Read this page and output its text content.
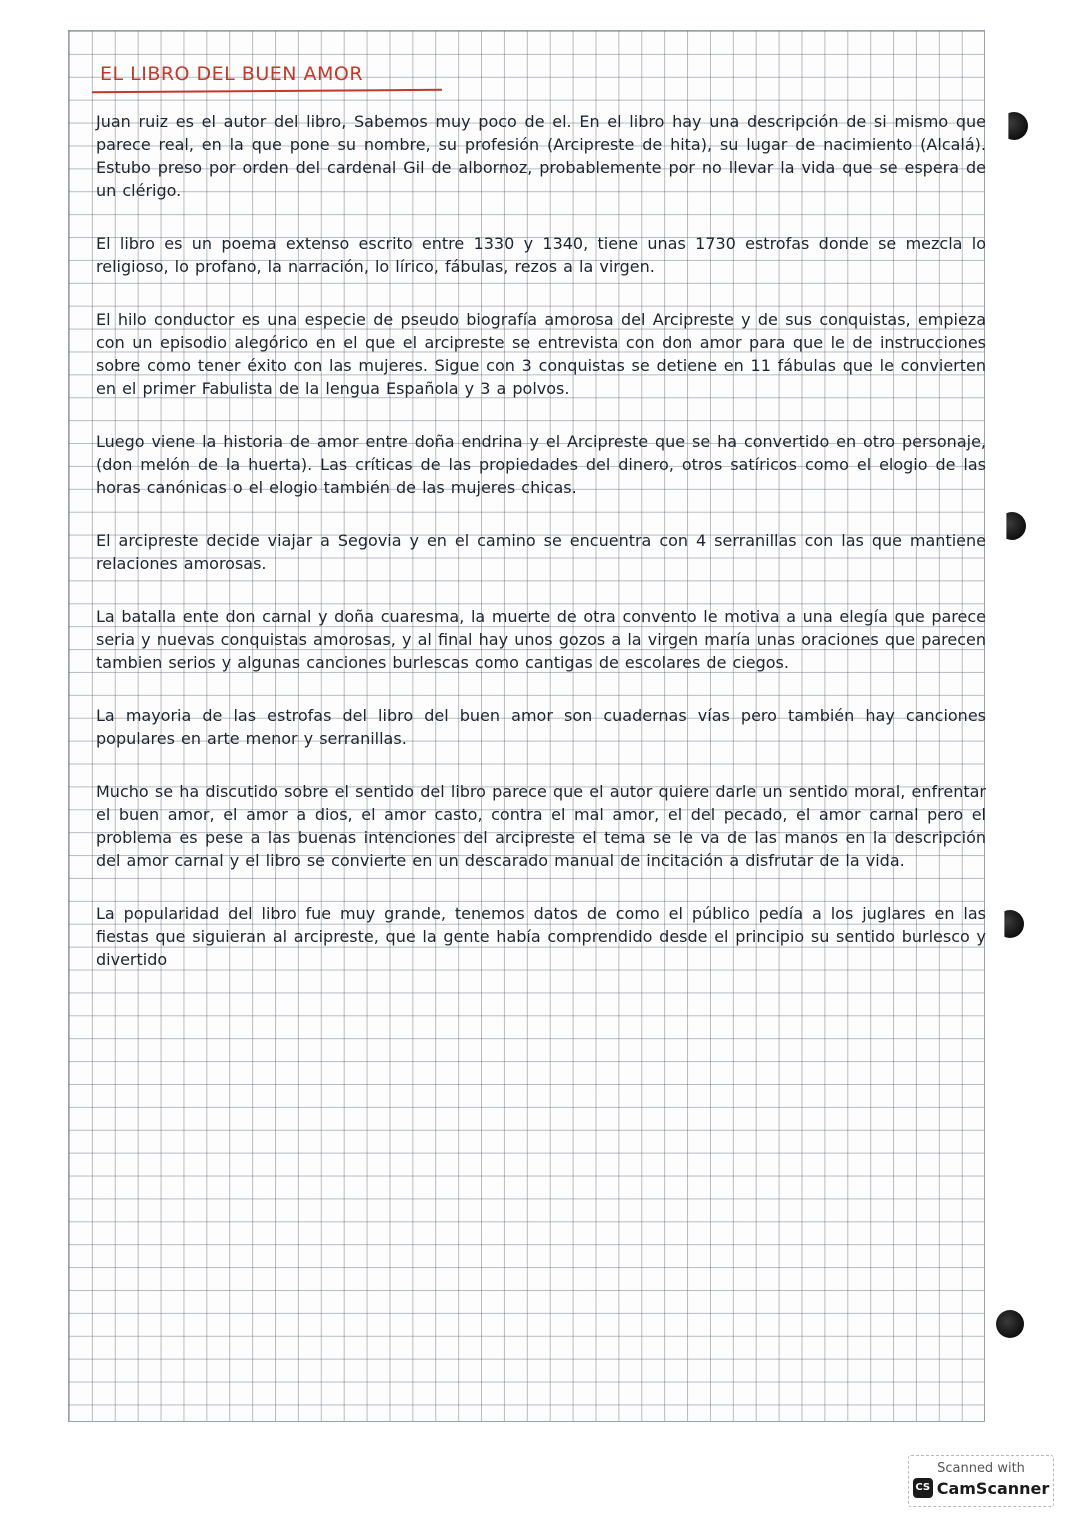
EL LIBRO DEL BUEN AMOR

Juan ruiz es el autor del libro, Sabemos muy poco de el. En el libro hay una descripción de si mismo que parece real, en la que pone su nombre, su profesión (Arcipreste de hita), su lugar de nacimiento (Alcalá). Estubo preso por orden del cardenal Gil de albornoz, probablemente por no llevar la vida que se espera de un clérigo.

El libro es un poema extenso escrito entre 1330 y 1340, tiene unas 1730 estrofas donde se mezcla lo religioso, lo profano, la narración, lo lírico, fábulas, rezos a la virgen.

El hilo conductor es una especie de pseudo biografía amorosa del Arcipreste y de sus conquistas, empieza con un episodio alegórico en el que el arcipreste se entrevista con don amor para que le de instrucciones sobre como tener éxito con las mujeres. Sigue con 3 conquistas se detiene en 11 fábulas que le convierten en el primer Fabulista de la lengua Española y 3 a polvos.

Luego viene la historia de amor entre doña endrina y el Arcipreste que se ha convertido en otro personaje, (don melón de la huerta). Las críticas de las propiedades del dinero, otros satíricos como el elogio de las horas canónicas o el elogio también de las mujeres chicas.

El arcipreste decide viajar a Segovia y en el camino se encuentra con 4 serranillas con las que mantiene relaciones amorosas.

La batalla ente don carnal y doña cuaresma, la muerte de otra convento le motiva a una elegía que parece seria y nuevas conquistas amorosas, y al final hay unos gozos a la virgen maría unas oraciones que parecen tambien serios y algunas canciones burlescas como cantigas de escolares de ciegos.

La mayoria de las estrofas del libro del buen amor son cuadernas vías pero también hay canciones populares en arte menor y serranillas.

Mucho se ha discutido sobre el sentido del libro parece que el autor quiere darle un sentido moral, enfrentar el buen amor, el amor a dios, el amor casto, contra el mal amor, el del pecado, el amor carnal pero el problema es pese a las buenas intenciones del arcipreste el tema se le va de las manos en la descripción del amor carnal y el libro se convierte en un descarado manual de incitación a disfrutar de la vida.

La popularidad del libro fue muy grande, tenemos datos de como el público pedía a los juglares en las fiestas que siguieran al arcipreste, que la gente había comprendido desde el principio su sentido burlesco y divertido

Scanned with
CS CamScanner
